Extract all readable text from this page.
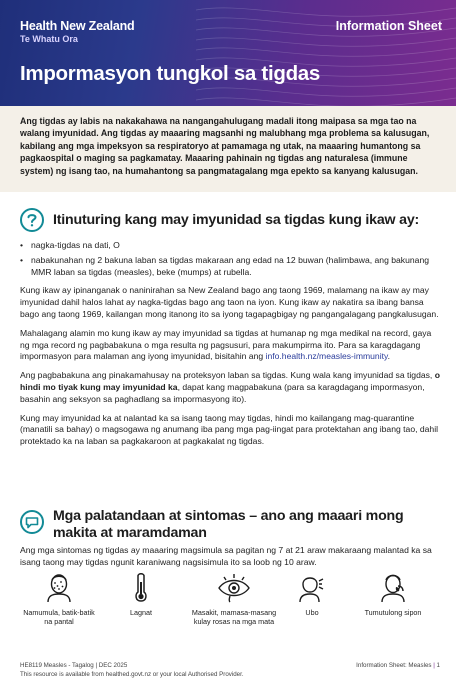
Health New Zealand
Te Whatu Ora
Information Sheet
Impormasyon tungkol sa tigdas

Ang tigdas ay labis na nakakahawa na nangangahulugang madali itong maipasa sa mga tao na walang imyunidad. Ang tigdas ay maaaring magsanhi ng malubhang mga problema sa kalusugan, kabilang ang mga impeksyon sa respiratoryo at pamamaga ng utak, na maaaring humantong sa pagkaospital o maging sa pagkamatay. Maaaring pahinain ng tigdas ang naturalesa (immune system) ng isang tao, na humahantong sa pangmatagalang mga epekto sa kanyang kalusugan.

Itinuturing kang may imyunidad sa tigdas kung ikaw ay:
• nagka-tigdas na dati, O
• nabakunahan ng 2 bakuna laban sa tigdas makaraan ang edad na 12 buwan (halimbawa, ang bakunang MMR laban sa tigdas (measles), beke (mumps) at rubella.

Kung ikaw ay ipinanganak o naninirahan sa New Zealand bago ang taong 1969, malamang na ikaw ay may imyunidad dahil halos lahat ay nagka-tigdas bago ang taon na iyon. Kung ikaw ay nakatira sa ibang bansa bago ang taong 1969, kailangan mong itanong ito sa iyong tagapagbigay ng pangangalagang pangkalusugan.

Mahalagang alamin mo kung ikaw ay may imyunidad sa tigdas at humanap ng mga medikal na record, gaya ng mga record ng pagbabakuna o mga resulta ng pagsusuri, para makumpirma ito. Para sa karagdagang impormasyon para malaman ang iyong imyunidad, bisitahin ang info.health.nz/measles-immunity.

Ang pagbabakuna ang pinakamahusay na proteksyon laban sa tigdas. Kung wala kang imyunidad sa tigdas, o hindi mo tiyak kung may imyunidad ka, dapat kang magpabakuna (para sa karagdagang impormasyon, basahin ang seksyon sa paghadlang sa impormasyong ito).

Kung may imyunidad ka at nalantad ka sa isang taong may tigdas, hindi mo kailangang mag-quarantine (manatili sa bahay) o magsogawa ng anumang iba pang mga pag-iingat para protektahan ang ibang tao, dahil protektado ka na laban sa pagkakaroon at pagkakalat ng tigdas.

Mga palatandaan at sintomas – ano ang maaari mong makita at maramdaman
Ang mga sintomas ng tigdas ay maaaring magsimula sa pagitan ng 7 at 21 araw makaraang malantad ka sa isang taong may tigdas ngunit karaniwang nagsisimula ito sa loob ng 10 araw.
Namumula, batik-batik na pantal
Lagnat	Masakit, mamasa-masang kulay rosas na mga mata
Ubo	Tumutulong sipon
HE8119 Measles - Tagalog | DEC 2025
This resource is available from healthed.govt.nz or your local Authorised Provider.
Information Sheet: Measles | 1
